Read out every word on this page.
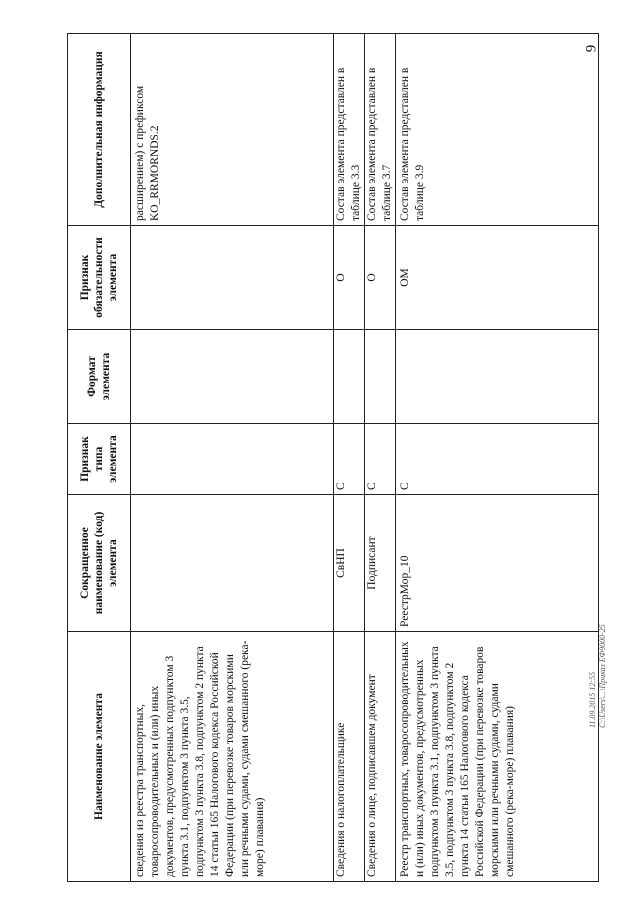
9
11.09.2015 12:55 С:\Users\...\Приказ ЕФ9000-25
Наименование элемента	Сокращенное наименование (код) элемента	Признак типа элемента	Формат элемента	Признак обязательности элемента	Дополнительная информация
сведения из реестра транспортных, товаросопроводительных и (или) иных документов, предусмотренных подпунктом 3 пункта 3.1, подпунктом 3 пункта 3.5, подпунктом 3 пункта 3.8, подпунктом 2 пункта 14 статьи 165 Налогового кодекса Российской Федерации (при перевозке товаров морскими или речными судами, судами смешанного (река-море) плавания)					расширением) с префиксом KO_RRMORNDS.2
Сведения о налогоплательщике	СвНП	С		О	Состав элемента представлен в таблице 3.3
Сведения о лице, подписавшем документ	Подписант	С		О	Состав элемента представлен в таблице 3.7
Реестр транспортных, товаросопроводительных и (или) иных документов, предусмотренных подпунктом 3 пункта 3.1, подпунктом 3 пункта 3.5, подпунктом 3 пункта 3.8, подпунктом 2 пункта 14 статьи 165 Налогового кодекса Российской Федерации (при перевозке товаров морскими или речными судами, судами смешанного (река-море) плавания)	РеестрМор_10	С		ОМ	Состав элемента представлен в таблице 3.9
